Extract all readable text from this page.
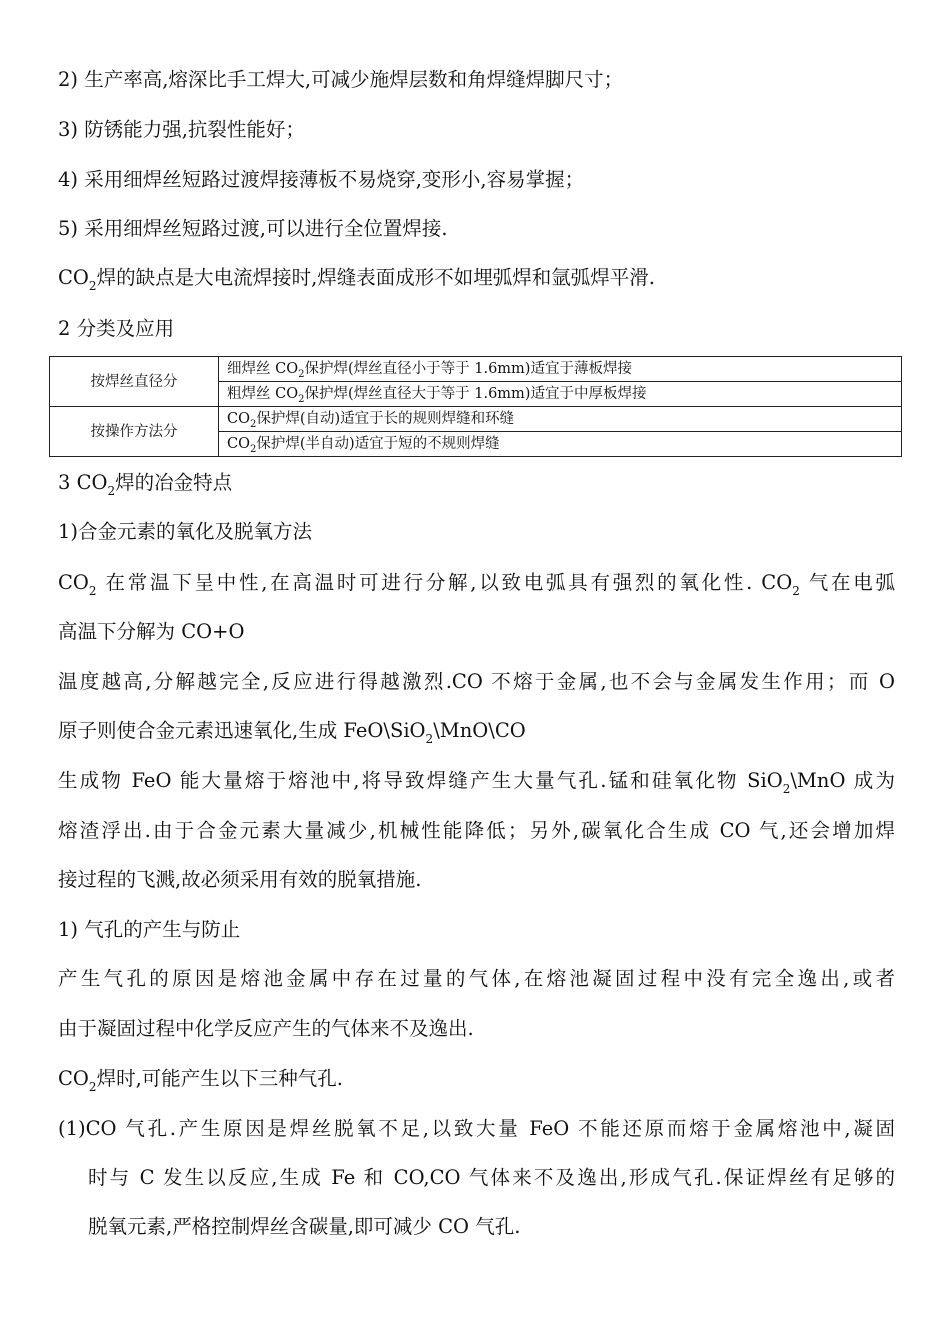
2) 生产率高,熔深比手工焊大,可减少施焊层数和角焊缝焊脚尺寸；
3) 防锈能力强,抗裂性能好；
4) 采用细焊丝短路过渡焊接薄板不易烧穿,变形小,容易掌握；
5) 采用细焊丝短路过渡,可以进行全位置焊接.
$CO_2$焊的缺点是大电流焊接时,焊缝表面成形不如埋弧焊和氩弧焊平滑.
2 分类及应用
按焊丝直径分	细焊丝 $CO_2$保护焊(焊丝直径小于等于 1.6mm)适宜于薄板焊接
	粗焊丝 $CO_2$保护焊(焊丝直径大于等于 1.6mm)适宜于中厚板焊接
按操作方法分	$CO_2$保护焊(自动)适宜于长的规则焊缝和环缝
	$CO_2$保护焊(半自动)适宜于短的不规则焊缝
3 $CO_2$焊的冶金特点
1)合金元素的氧化及脱氧方法
$CO_2$ 在常温下呈中性,在高温时可进行分解,以致电弧具有强烈的氧化性. $CO_2$ 气在电弧
高温下分解为 CO+O
温度越高,分解越完全,反应进行得越激烈.CO 不熔于金属,也不会与金属发生作用；而 O
原子则使合金元素迅速氧化,生成 FeO\SiO$_2$\MnO\CO
生成物 FeO 能大量熔于熔池中,将导致焊缝产生大量气孔.锰和硅氧化物 SiO$_2$\MnO 成为
熔渣浮出.由于合金元素大量减少,机械性能降低；另外,碳氧化合生成 CO 气,还会增加焊
接过程的飞溅,故必须采用有效的脱氧措施.
1) 气孔的产生与防止
产生气孔的原因是熔池金属中存在过量的气体,在熔池凝固过程中没有完全逸出,或者
由于凝固过程中化学反应产生的气体来不及逸出.
$CO_2$焊时,可能产生以下三种气孔.
(1)CO 气孔.产生原因是焊丝脱氧不足,以致大量 FeO 不能还原而熔于金属熔池中,凝固
时与 C 发生以反应,生成 Fe 和 CO,CO 气体来不及逸出,形成气孔.保证焊丝有足够的
脱氧元素,严格控制焊丝含碳量,即可减少 CO 气孔.
